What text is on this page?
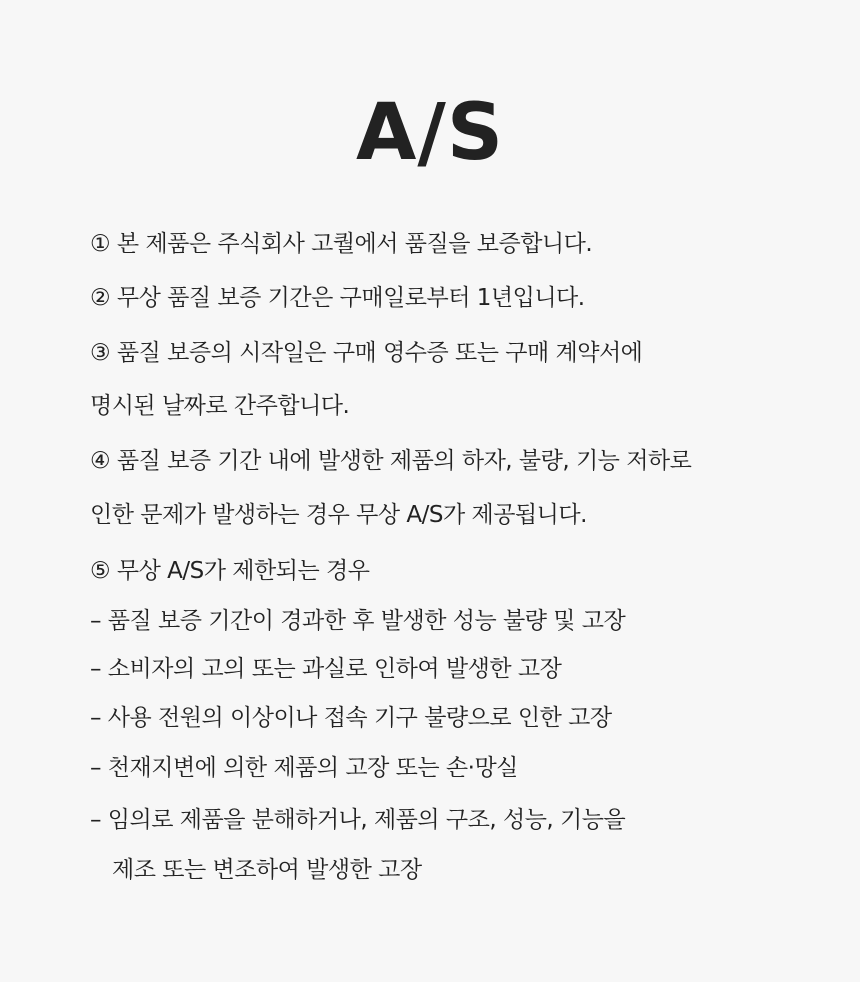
A/S
① 본 제품은 주식회사 고퀄에서 품질을 보증합니다.
② 무상 품질 보증 기간은 구매일로부터 1년입니다.
③ 품질 보증의 시작일은 구매 영수증 또는 구매 계약서에
명시된 날짜로 간주합니다.
④ 품질 보증 기간 내에 발생한 제품의 하자, 불량, 기능 저하로
인한 문제가 발생하는 경우 무상 A/S가 제공됩니다.
⑤ 무상 A/S가 제한되는 경우
– 품질 보증 기간이 경과한 후 발생한 성능 불량 및 고장
– 소비자의 고의 또는 과실로 인하여 발생한 고장
– 사용 전원의 이상이나 접속 기구 불량으로 인한 고장
– 천재지변에 의한 제품의 고장 또는 손·망실
– 임의로 제품을 분해하거나, 제품의 구조, 성능, 기능을
제조 또는 변조하여 발생한 고장
